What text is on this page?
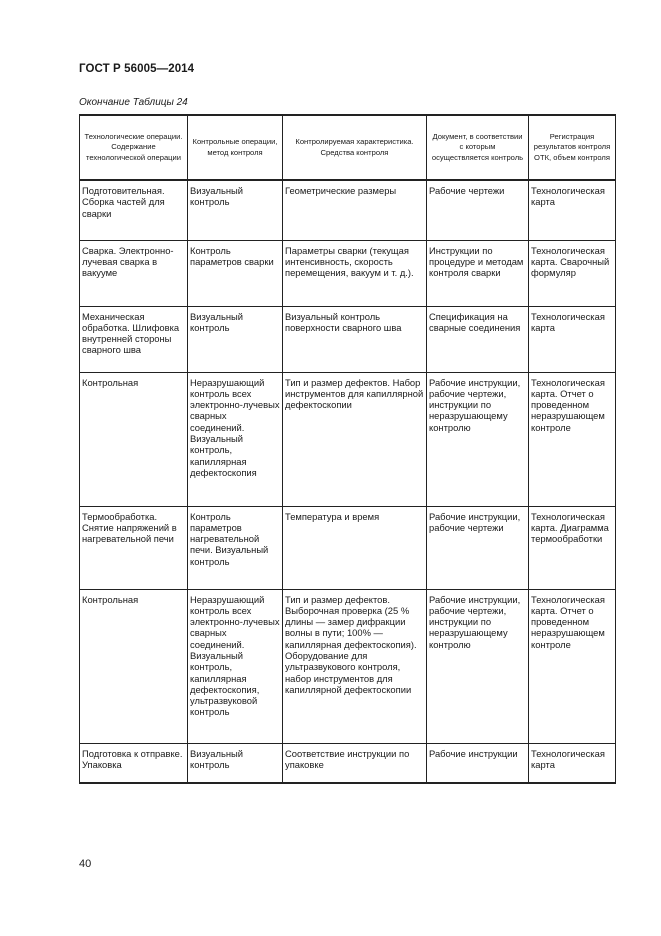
ГОСТ Р 56005—2014
Окончание Таблицы 24
Технологические операции. Содержание технологической операции	Контрольные операции, метод контроля	Контролируемая характеристика. Средства контроля	Документ, в соответствии с которым осуществляется контроль	Регистрация результатов контроля ОТК, объем контроля
Подготовительная. Сборка частей для сварки	Визуальный контроль	Геометрические размеры	Рабочие чертежи	Технологическая карта
Сварка. Электронно-лучевая сварка в вакууме	Контроль параметров сварки	Параметры сварки (текущая интенсивность, скорость перемещения, вакуум и т. д.).	Инструкции по процедуре и методам контроля сварки	Технологическая карта. Сварочный формуляр
Механическая обработка. Шлифовка внутренней стороны сварного шва	Визуальный контроль	Визуальный контроль поверхности сварного шва	Спецификация на сварные соединения	Технологическая карта
Контрольная	Неразрушающий контроль всех электронно-лучевых сварных соединений. Визуальный контроль, капиллярная дефектоскопия	Тип и размер дефектов. Набор инструментов для капиллярной дефектоскопии	Рабочие инструкции, рабочие чертежи, инструкции по неразрушающему контролю	Технологическая карта. Отчет о проведенном неразрушающем контроле
Термообработка. Снятие напряжений в нагревательной печи	Контроль параметров нагревательной печи. Визуальный контроль	Температура и время	Рабочие инструкции, рабочие чертежи	Технологическая карта. Диаграмма термообработки
Контрольная	Неразрушающий контроль всех электронно-лучевых сварных соединений. Визуальный контроль, капиллярная дефектоскопия, ультразвуковой контроль	Тип и размер дефектов. Выборочная проверка (25 % длины — замер дифракции волны в пути; 100% — капиллярная дефектоскопия). Оборудование для ультразвукового контроля, набор инструментов для капиллярной дефектоскопии	Рабочие инструкции, рабочие чертежи, инструкции по неразрушающему контролю	Технологическая карта. Отчет о проведенном неразрушающем контроле
Подготовка к отправке. Упаковка	Визуальный контроль	Соответствие инструкции по упаковке	Рабочие инструкции	Технологическая карта
40
